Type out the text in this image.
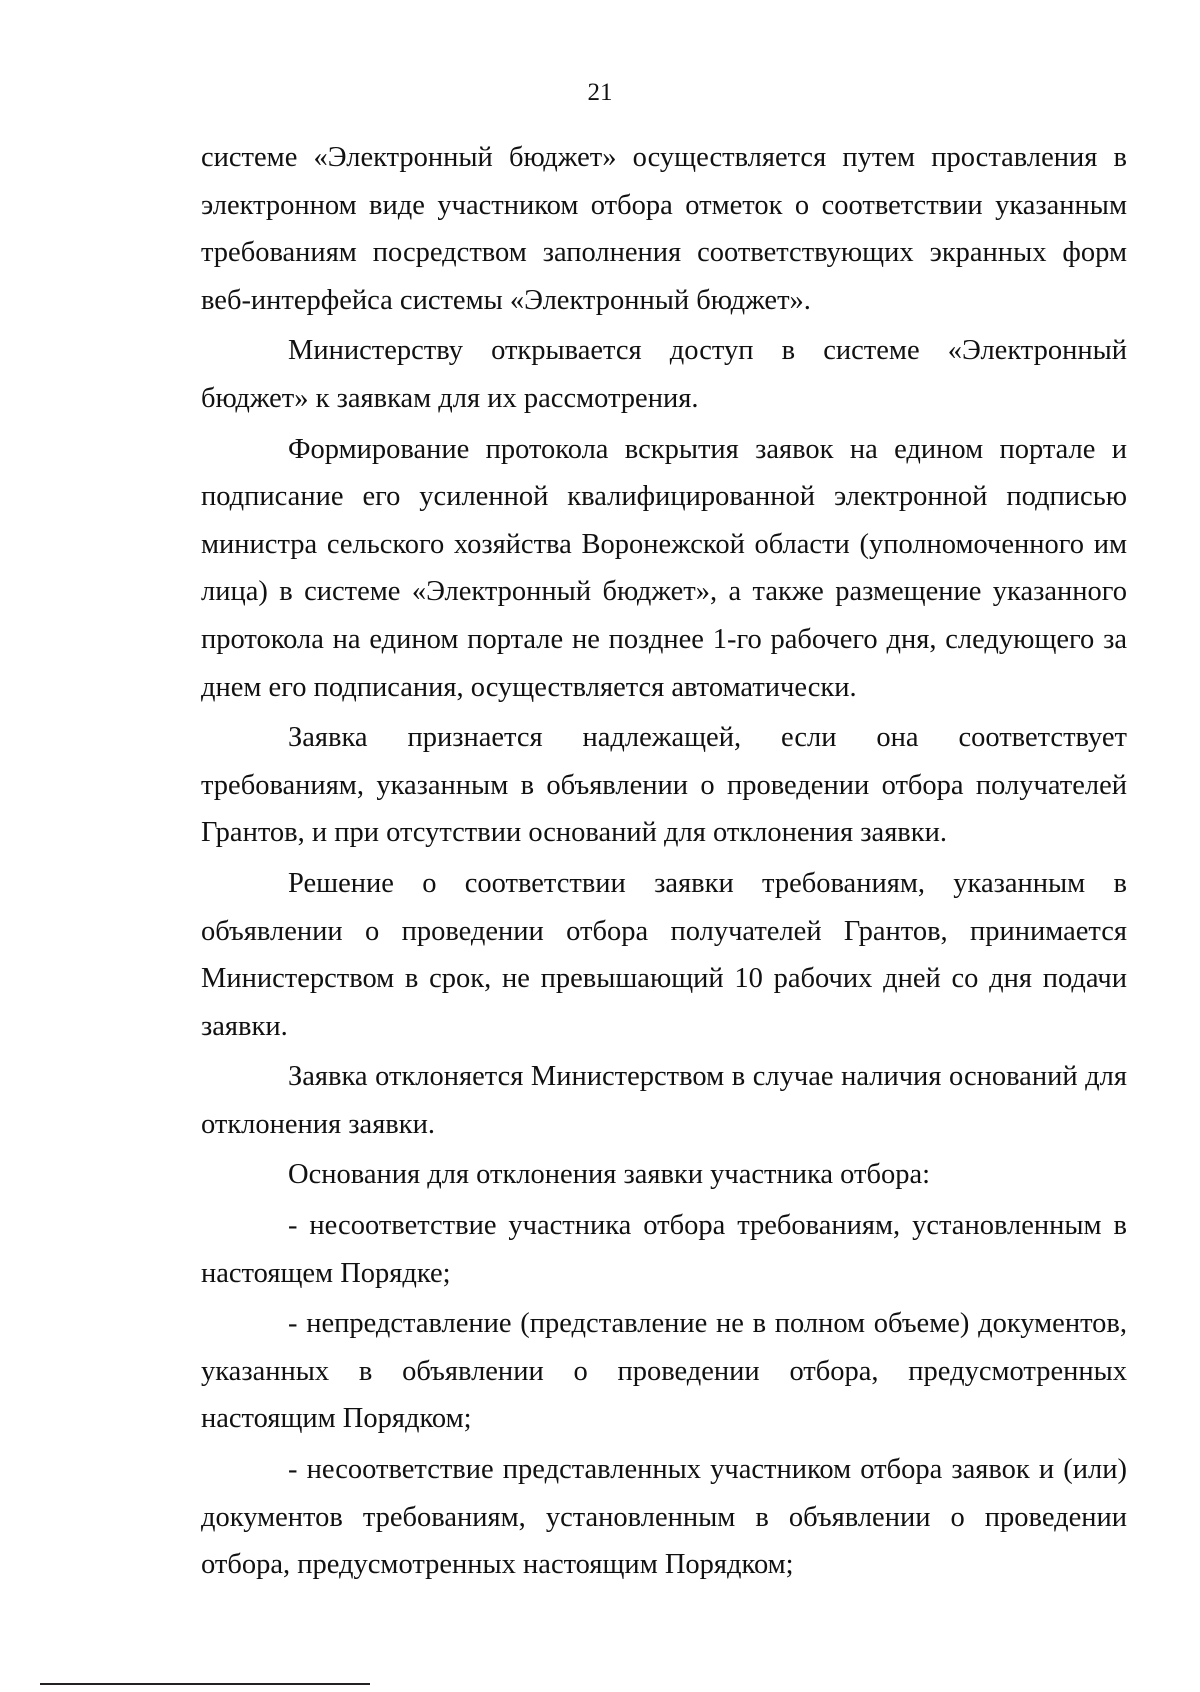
21

системе «Электронный бюджет» осуществляется путем проставления в электронном виде участником отбора отметок о соответствии указанным требованиям посредством заполнения соответствующих экранных форм веб-интерфейса системы «Электронный бюджет».

Министерству открывается доступ в системе «Электронный бюджет» к заявкам для их рассмотрения.

Формирование протокола вскрытия заявок на едином портале и подписание его усиленной квалифицированной электронной подписью министра сельского хозяйства Воронежской области (уполномоченного им лица) в системе «Электронный бюджет», а также размещение указанного протокола на едином портале не позднее 1-го рабочего дня, следующего за днем его подписания, осуществляется автоматически.

Заявка признается надлежащей, если она соответствует требованиям, указанным в объявлении о проведении отбора получателей Грантов, и при отсутствии оснований для отклонения заявки.

Решение о соответствии заявки требованиям, указанным в объявлении о проведении отбора получателей Грантов, принимается Министерством в срок, не превышающий 10 рабочих дней со дня подачи заявки.

Заявка отклоняется Министерством в случае наличия оснований для отклонения заявки.

Основания для отклонения заявки участника отбора:

- несоответствие участника отбора требованиям, установленным в настоящем Порядке;

- непредставление (представление не в полном объеме) документов, указанных в объявлении о проведении отбора, предусмотренных настоящим Порядком;

- несоответствие представленных участником отбора заявок и (или) документов требованиям, установленным в объявлении о проведении отбора, предусмотренных настоящим Порядком;
